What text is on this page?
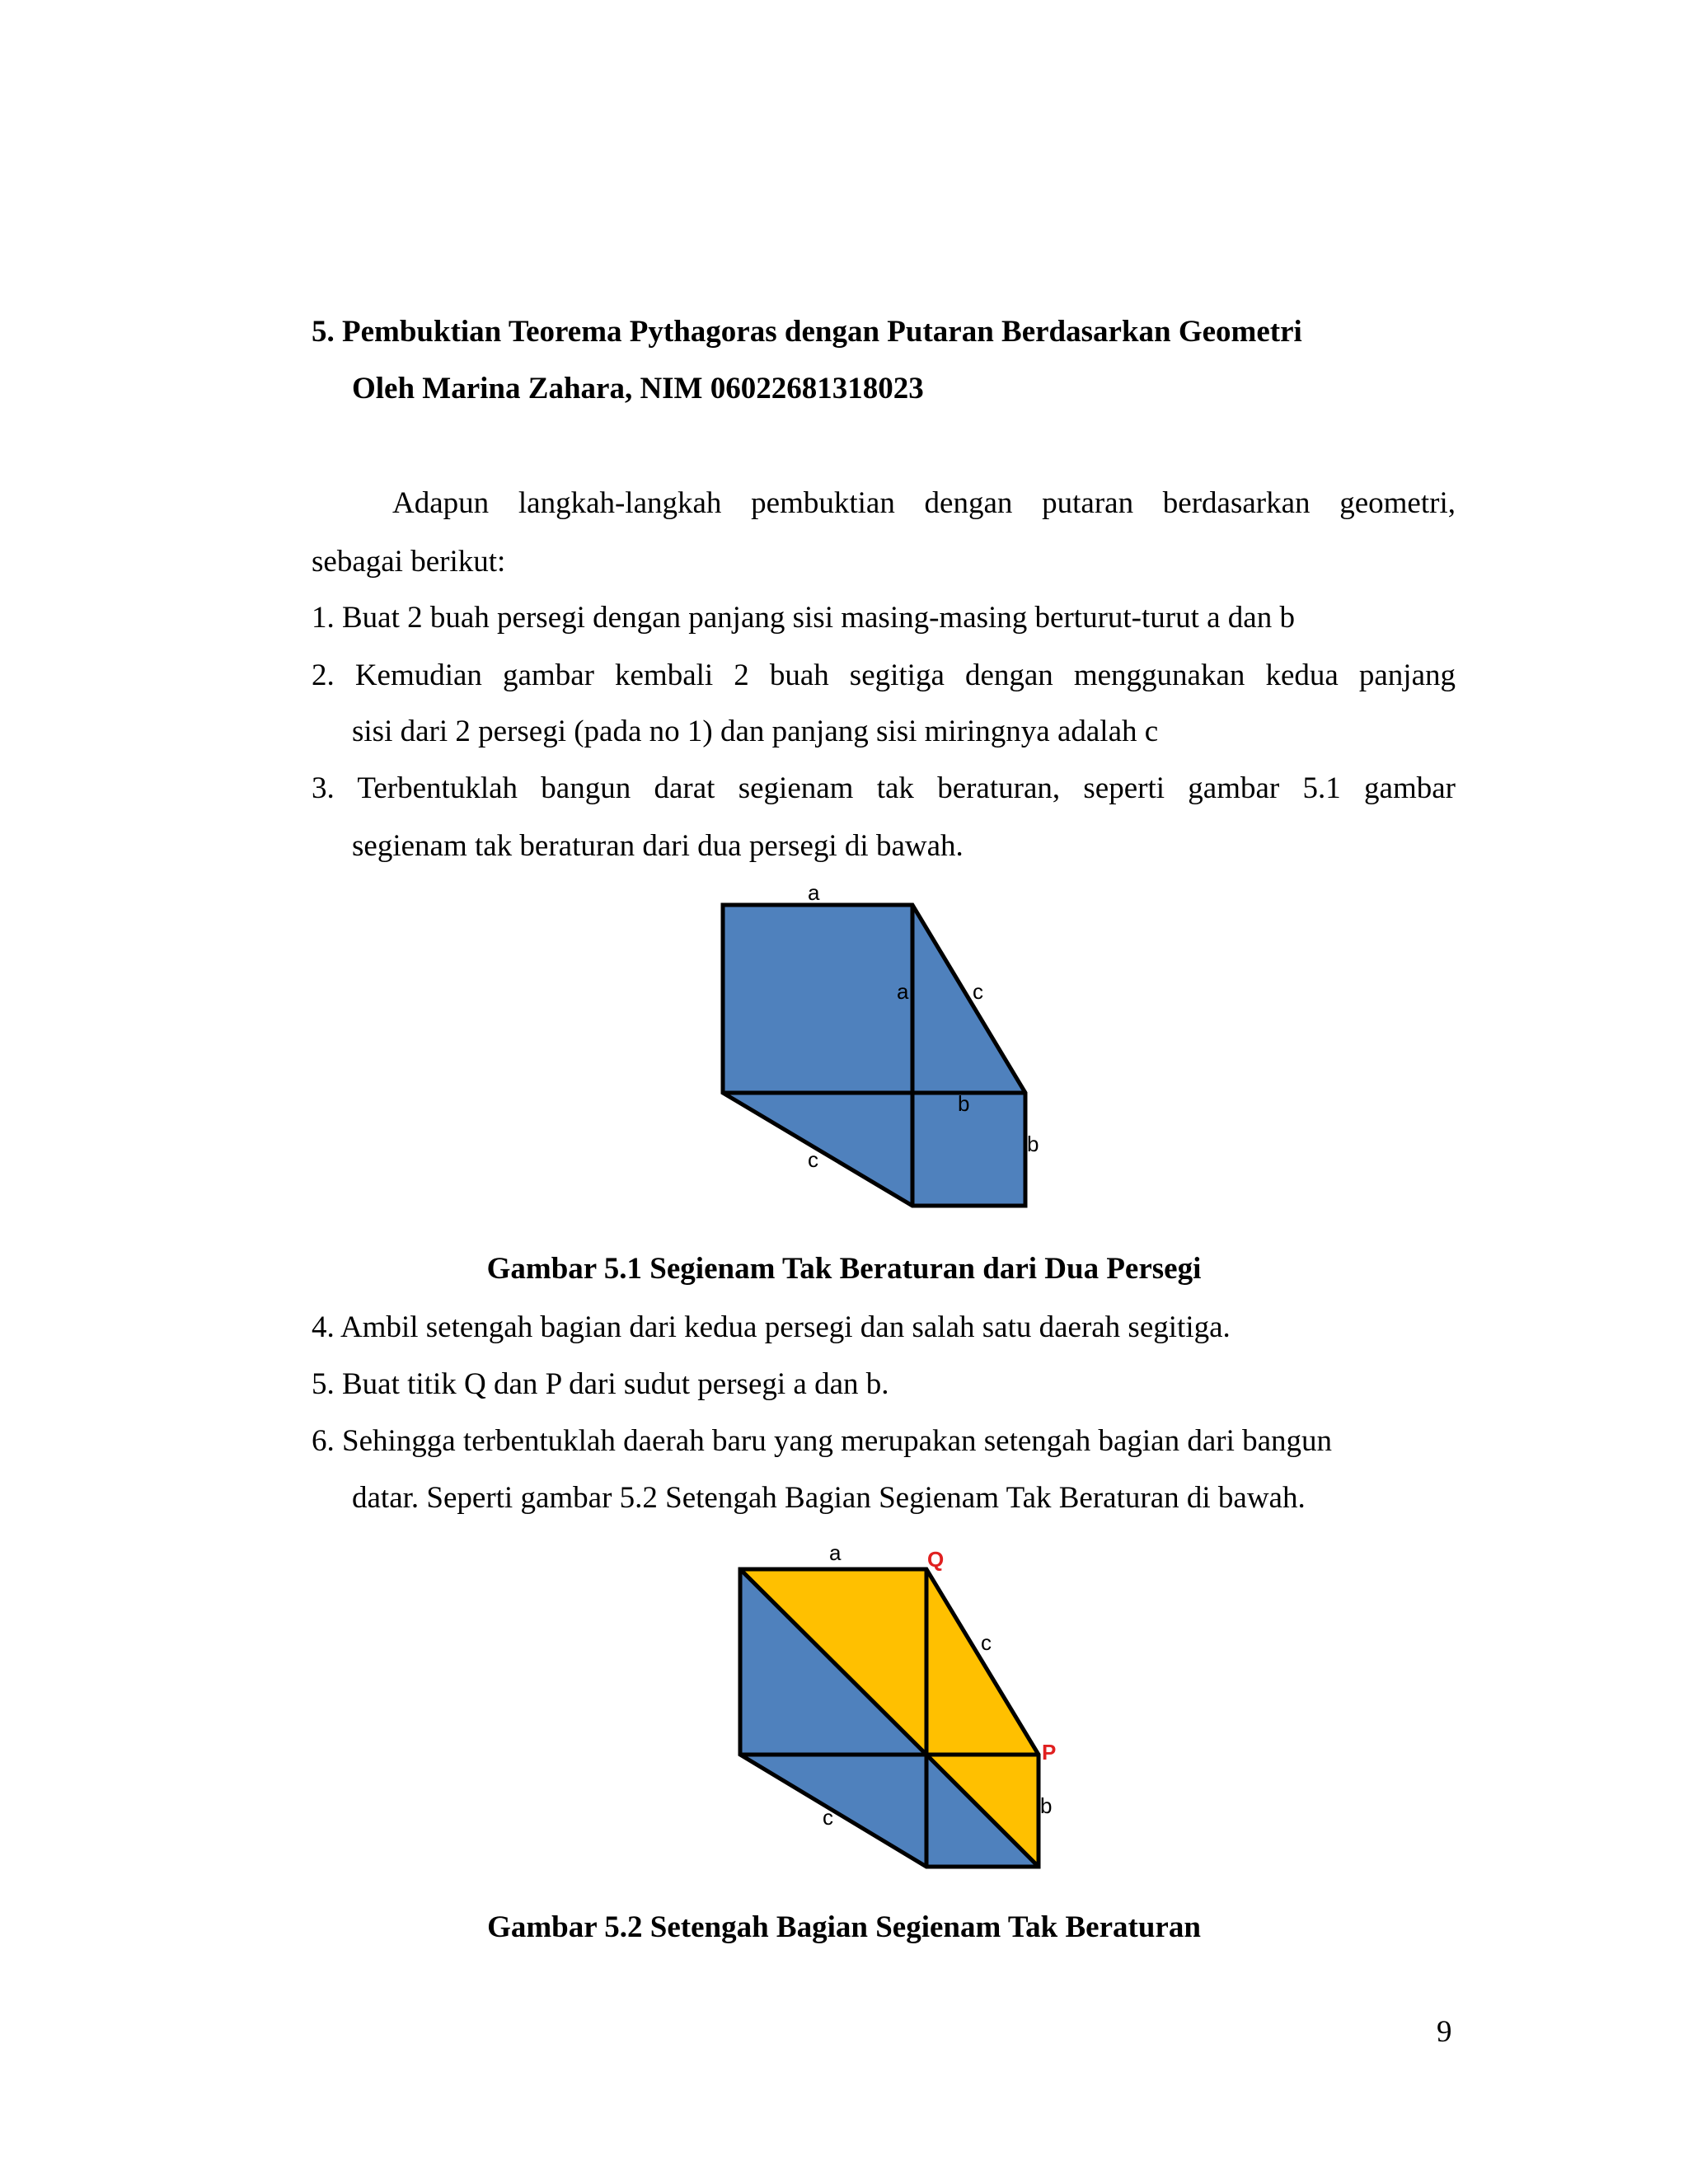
5. Pembuktian Teorema Pythagoras dengan Putaran Berdasarkan Geometri
Oleh Marina Zahara, NIM 06022681318023
Adapun langkah-langkah pembuktian dengan putaran berdasarkan geometri,
sebagai berikut:
1. Buat 2 buah persegi dengan panjang sisi masing-masing berturut-turut a dan b
2. Kemudian gambar kembali 2 buah segitiga dengan menggunakan kedua panjang
sisi dari 2 persegi (pada no 1) dan panjang sisi miringnya adalah c
3. Terbentuklah bangun darat segienam tak beraturan, seperti gambar 5.1 gambar
segienam tak beraturan dari dua persegi di bawah.
a
a	c
b
b
c
Gambar 5.1 Segienam Tak Beraturan dari Dua Persegi
4. Ambil setengah bagian dari kedua persegi dan salah satu daerah segitiga.
5. Buat titik Q dan P dari sudut persegi a dan b.
6. Sehingga terbentuklah daerah baru yang merupakan setengah bagian dari bangun
datar. Seperti gambar 5.2 Setengah Bagian Segienam Tak Beraturan di bawah.
a	Q
c
P
b
c
Gambar 5.2 Setengah Bagian Segienam Tak Beraturan
9
